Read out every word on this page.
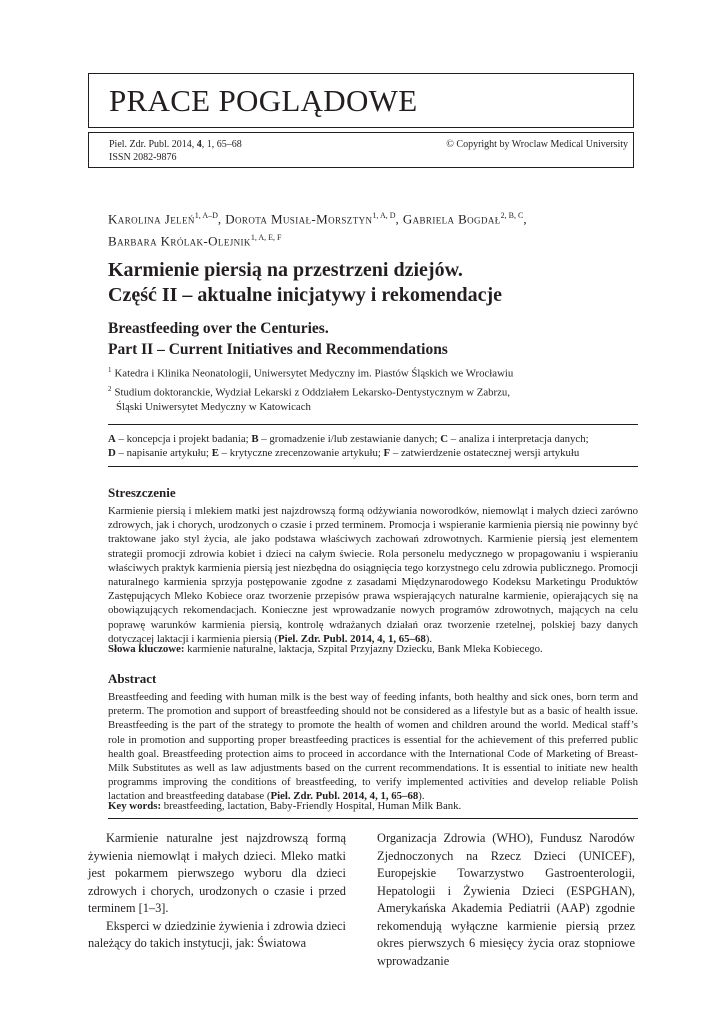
PRACE POGLĄDOWE
Piel. Zdr. Publ. 2014, 4, 1, 65–68
ISSN 2082-9876
© Copyright by Wroclaw Medical University
Karolina Jeleń$^{1, A-D}$, Dorota Musiał-Morsztyn$^{1, A, D}$, Gabriela Bogdał$^{2, B, C}$,
Barbara Królak-Olejnik$^{1, A, E, F}$
Karmienie piersią na przestrzeni dziejów.
Część II – aktualne inicjatywy i rekomendacje
Breastfeeding over the Centuries.
Part II – Current Initiatives and Recommendations
$^1$ Katedra i Klinika Neonatologii, Uniwersytet Medyczny im. Piastów Śląskich we Wrocławiu
$^2$ Studium doktoranckie, Wydział Lekarski z Oddziałem Lekarsko-Dentystycznym w Zabrzu,
Śląski Uniwersytet Medyczny w Katowicach
A – koncepcja i projekt badania; B – gromadzenie i/lub zestawianie danych; C – analiza i interpretacja danych;
D – napisanie artykułu; E – krytyczne zrecenzowanie artykułu; F – zatwierdzenie ostatecznej wersji artykułu
Streszczenie
Karmienie piersią i mlekiem matki jest najzdrowszą formą odżywiania noworodków, niemowląt i małych dzieci zarówno zdrowych, jak i chorych, urodzonych o czasie i przed terminem. Promocja i wspieranie karmienia piersią nie powinny być traktowane jako styl życia, ale jako podstawa właściwych zachowań zdrowotnych. Karmienie piersią jest elementem strategii promocji zdrowia kobiet i dzieci na całym świecie. Rola personelu medycznego w propagowaniu i wspieraniu właściwych praktyk karmienia piersią jest niezbędna do osiągnięcia tego korzystnego celu zdrowia publicznego. Promocji naturalnego karmienia sprzyja postępowanie zgodne z zasadami Międzynarodowego Kodeksu Marketingu Produktów Zastępujących Mleko Kobiece oraz tworzenie przepisów prawa wspierających naturalne karmienie, opierających się na obowiązujących rekomendacjach. Konieczne jest wprowadzanie nowych programów zdrowotnych, mających na celu poprawę warunków karmienia piersią, kontrolę wdrażanych działań oraz tworzenie rzetelnej, polskiej bazy danych dotyczącej laktacji i karmienia piersią (Piel. Zdr. Publ. 2014, 4, 1, 65–68).
Słowa kluczowe: karmienie naturalne, laktacja, Szpital Przyjazny Dziecku, Bank Mleka Kobiecego.
Abstract
Breastfeeding and feeding with human milk is the best way of feeding infants, both healthy and sick ones, born term and preterm. The promotion and support of breastfeeding should not be considered as a lifestyle but as a basic of health issue. Breastfeeding is the part of the strategy to promote the health of women and children around the world. Medical staff’s role in promotion and supporting proper breastfeeding practices is essential for the achievement of this preferred public health goal. Breastfeeding protection aims to proceed in accordance with the International Code of Marketing of Breast-Milk Substitutes as well as law adjustments based on the current recommendations. It is essential to initiate new health programms improving the conditions of breastfeeding, to verify implemented activities and develop reliable Polish lactation and breastfeeding database (Piel. Zdr. Publ. 2014, 4, 1, 65–68).
Key words: breastfeeding, lactation, Baby-Friendly Hospital, Human Milk Bank.

Karmienie naturalne jest najzdrowszą formą żywienia niemowląt i małych dzieci. Mleko matki jest pokarmem pierwszego wyboru dla dzieci zdrowych i chorych, urodzonych o czasie i przed terminem [1–3].

Eksperci w dziedzinie żywienia i zdrowia dzieci należący do takich instytucji, jak: Światowa

Organizacja Zdrowia (WHO), Fundusz Narodów Zjednoczonych na Rzecz Dzieci (UNICEF), Europejskie Towarzystwo Gastroenterologii, Hepatologii i Żywienia Dzieci (ESPGHAN), Amerykańska Akademia Pediatrii (AAP) zgodnie rekomendują wyłączne karmienie piersią przez okres pierwszych 6 miesięcy życia oraz stopniowe wprowadzanie
